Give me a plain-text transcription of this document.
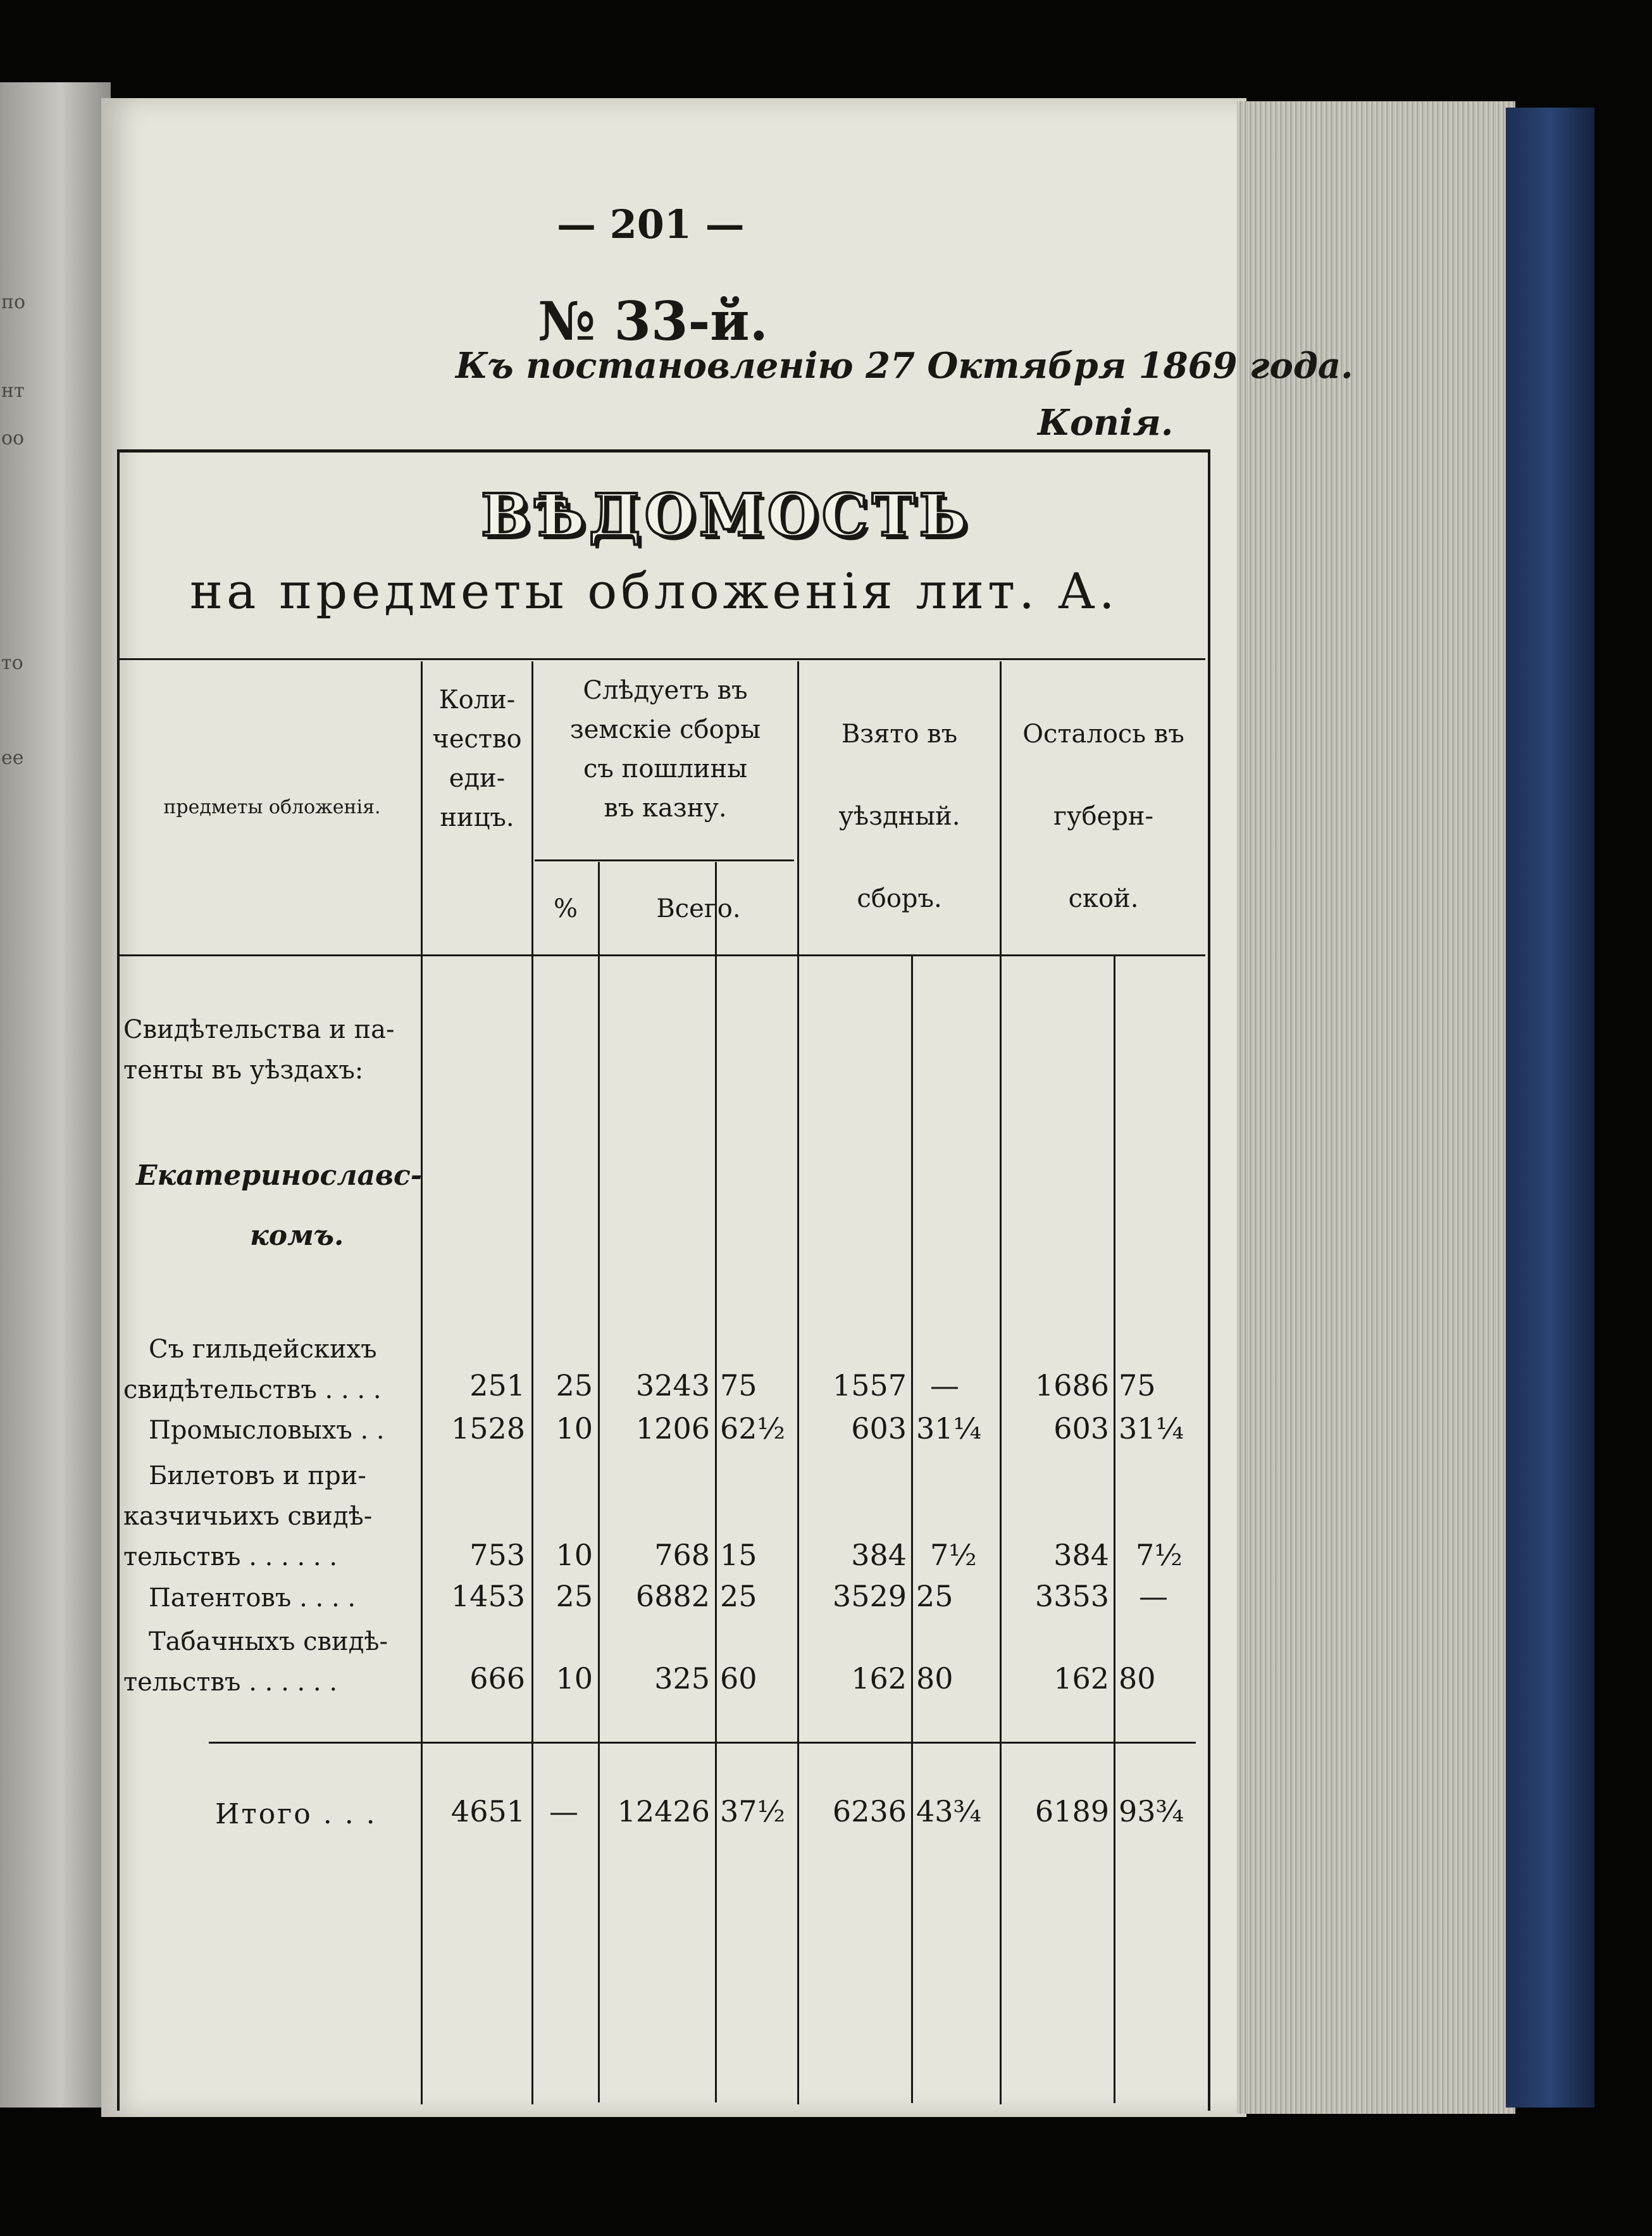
по
нт
оо
то
ее
— 201 —
№ 33-й.
Къ постановленію 27 Октября 1869 года.
Копія.
ВѢДОМОСТЬ
на предметы обложенія лит. А.
предметы обложенія.
Коли-
чество
еди-
ницъ.
Слѣдуетъ въ
земскіе сборы
съ пошлины
въ казну.
%	Всего.
Взято въ
уѣздный.
сборъ.
Осталось въ
губерн-
ской.
Свидѣтельства и па-
тенты въ уѣздахъ:
Екатеринославс-
комъ.
Съ гильдейскихъ
свидѣтельствъ . . . .	251	25	3243 75	1557 —	1686 75
Промысловыхъ . .	1528	10	1206 62½	603 31¼	603 31¼
Билетовъ и при-
казчичьихъ свидѣ-
тельствъ . . . . . .	753	10	768 15	384 7½	384 7½
Патентовъ . . . .	1453	25	6882 25	3529 25	3353 —
Табачныхъ свидѣ-
тельствъ . . . . . .	666	10	325 60	162 80	162 80
Итого . . .	4651 —	12426 37½	6236 43¾	6189 93¾
